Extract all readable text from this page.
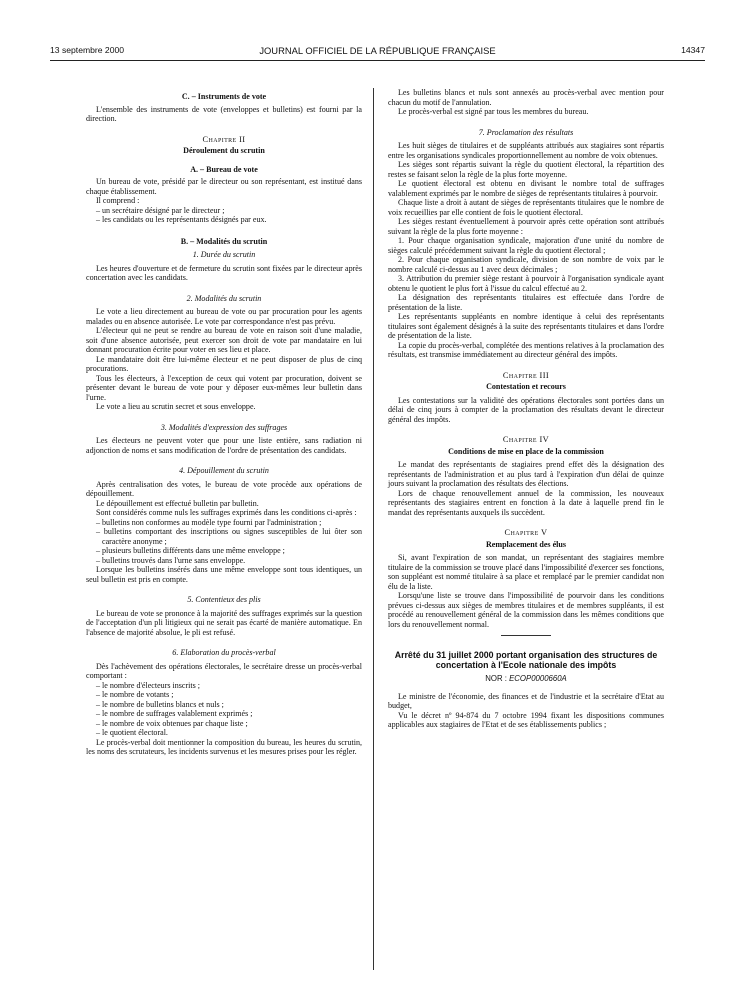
13 septembre 2000	JOURNAL OFFICIEL DE LA RÉPUBLIQUE FRANÇAISE	14347

C. – Instruments de vote

L'ensemble des instruments de vote (enveloppes et bulletins) est fourni par la direction.

Chapitre II

Déroulement du scrutin

A. – Bureau de vote

Un bureau de vote, présidé par le directeur ou son représentant, est institué dans chaque établissement.

Il comprend :

– un secrétaire désigné par le directeur ;

– les candidats ou les représentants désignés par eux.

B. – Modalités du scrutin

1. Durée du scrutin

Les heures d'ouverture et de fermeture du scrutin sont fixées par le directeur après concertation avec les candidats.

2. Modalités du scrutin

Le vote a lieu directement au bureau de vote ou par procuration pour les agents malades ou en absence autorisée. Le vote par correspondance n'est pas prévu.

L'électeur qui ne peut se rendre au bureau de vote en raison soit d'une maladie, soit d'une absence autorisée, peut exercer son droit de vote par mandataire en lui donnant procuration écrite pour voter en ses lieu et place.

Le mandataire doit être lui-même électeur et ne peut disposer de plus de cinq procurations.

Tous les électeurs, à l'exception de ceux qui votent par procuration, doivent se présenter devant le bureau de vote pour y déposer eux-mêmes leur bulletin dans l'urne.

Le vote a lieu au scrutin secret et sous enveloppe.

3. Modalités d'expression des suffrages

Les électeurs ne peuvent voter que pour une liste entière, sans radiation ni adjonction de noms et sans modification de l'ordre de présentation des candidats.

4. Dépouillement du scrutin

Après centralisation des votes, le bureau de vote procède aux opérations de dépouillement.

Le dépouillement est effectué bulletin par bulletin.

Sont considérés comme nuls les suffrages exprimés dans les conditions ci-après :

– bulletins non conformes au modèle type fourni par l'administration ;

– bulletins comportant des inscriptions ou signes susceptibles de lui ôter son caractère anonyme ;

– plusieurs bulletins différents dans une même enveloppe ;

– bulletins trouvés dans l'urne sans enveloppe.

Lorsque les bulletins insérés dans une même enveloppe sont tous identiques, un seul bulletin est pris en compte.

5. Contentieux des plis

Le bureau de vote se prononce à la majorité des suffrages exprimés sur la question de l'acceptation d'un pli litigieux qui ne serait pas écarté de manière automatique. En l'absence de majorité absolue, le pli est refusé.

6. Elaboration du procès-verbal

Dès l'achèvement des opérations électorales, le secrétaire dresse un procès-verbal comportant :

– le nombre d'électeurs inscrits ;

– le nombre de votants ;

– le nombre de bulletins blancs et nuls ;

– le nombre de suffrages valablement exprimés ;

– le nombre de voix obtenues par chaque liste ;

– le quotient électoral.

Le procès-verbal doit mentionner la composition du bureau, les heures du scrutin, les noms des scrutateurs, les incidents survenus et les mesures prises pour les régler.

Les bulletins blancs et nuls sont annexés au procès-verbal avec mention pour chacun du motif de l'annulation.

Le procès-verbal est signé par tous les membres du bureau.

7. Proclamation des résultats

Les huit sièges de titulaires et de suppléants attribués aux stagiaires sont répartis entre les organisations syndicales proportionnellement au nombre de voix obtenues.

Les sièges sont répartis suivant la règle du quotient électoral, la répartition des restes se faisant selon la règle de la plus forte moyenne.

Le quotient électoral est obtenu en divisant le nombre total de suffrages valablement exprimés par le nombre de sièges de représentants titulaires à pourvoir.

Chaque liste a droit à autant de sièges de représentants titulaires que le nombre de voix recueillies par elle contient de fois le quotient électoral.

Les sièges restant éventuellement à pourvoir après cette opération sont attribués suivant la règle de la plus forte moyenne :

1. Pour chaque organisation syndicale, majoration d'une unité du nombre de sièges calculé précédemment suivant la règle du quotient électoral ;

2. Pour chaque organisation syndicale, division de son nombre de voix par le nombre calculé ci-dessus au 1 avec deux décimales ;

3. Attribution du premier siège restant à pourvoir à l'organisation syndicale ayant obtenu le quotient le plus fort à l'issue du calcul effectué au 2.

La désignation des représentants titulaires est effectuée dans l'ordre de présentation de la liste.

Les représentants suppléants en nombre identique à celui des représentants titulaires sont également désignés à la suite des représentants titulaires et dans l'ordre de présentation de la liste.

La copie du procès-verbal, complétée des mentions relatives à la proclamation des résultats, est transmise immédiatement au directeur général des impôts.

Chapitre III

Contestation et recours

Les contestations sur la validité des opérations électorales sont portées dans un délai de cinq jours à compter de la proclamation des résultats devant le directeur général des impôts.

Chapitre IV

Conditions de mise en place de la commission

Le mandat des représentants de stagiaires prend effet dès la désignation des représentants de l'administration et au plus tard à l'expiration d'un délai de quinze jours suivant la proclamation des résultats des élections.

Lors de chaque renouvellement annuel de la commission, les nouveaux représentants des stagiaires entrent en fonction à la date à laquelle prend fin le mandat des représentants auxquels ils succèdent.

Chapitre V

Remplacement des élus

Si, avant l'expiration de son mandat, un représentant des stagiaires membre titulaire de la commission se trouve placé dans l'impossibilité d'exercer ses fonctions, son suppléant est nommé titulaire à sa place et remplacé par le premier candidat non élu de la liste.

Lorsqu'une liste se trouve dans l'impossibilité de pourvoir dans les conditions prévues ci-dessus aux sièges de membres titulaires et de membres suppléants, il est procédé au renouvellement général de la commission dans les mêmes conditions que lors du renouvellement normal.

Arrêté du 31 juillet 2000 portant organisation des structures de concertation à l'Ecole nationale des impôts

NOR : ECOP0000660A

Le ministre de l'économie, des finances et de l'industrie et la secrétaire d'Etat au budget,

Vu le décret nº 94-874 du 7 octobre 1994 fixant les dispositions communes applicables aux stagiaires de l'Etat et de ses établissements publics ;
